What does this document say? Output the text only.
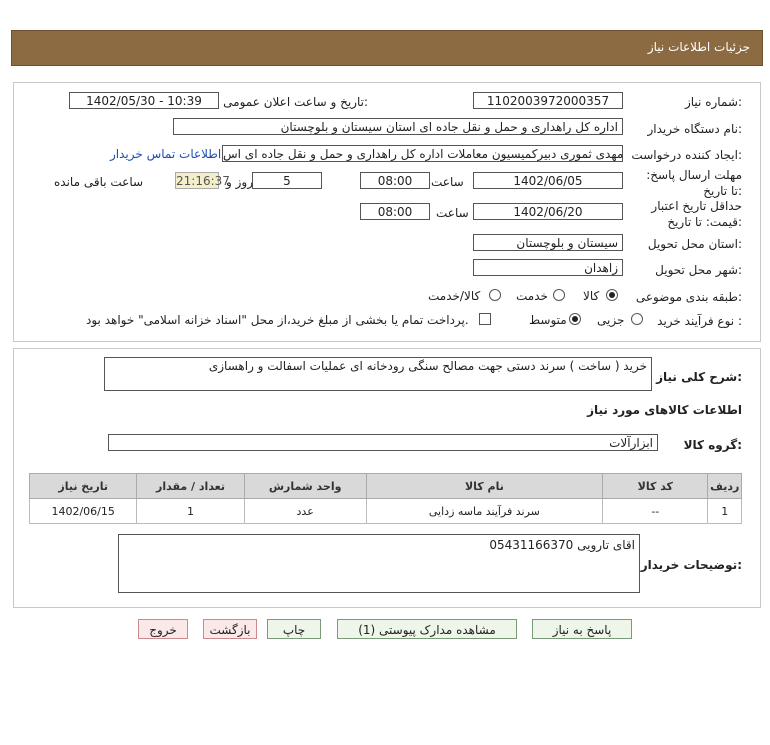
جزئیات اطلاعات نیاز
شماره نیاز:
1102003972000357
تاریخ و ساعت اعلان عمومی:
1402/05/30 - 10:39
نام دستگاه خریدار:
اداره کل راهداری و حمل و نقل جاده ای استان سیستان و بلوچستان
ایجاد کننده درخواست:
مهدی ثموری دبیرکمیسیون معاملات اداره کل راهداری و حمل و نقل جاده ای اس
اطلاعات تماس خریدار
مهلت ارسال پاسخ: تا تاریخ:
1402/06/05
ساعت
08:00
5
روز و
21:16:37
ساعت باقی مانده
حداقل تاریخ اعتبار قیمت: تا تاریخ:
1402/06/20
ساعت
08:00
استان محل تحویل:
سیستان و بلوچستان
شهر محل تحویل:
زاهدان
طبقه بندی موضوعی:
کالا
خدمت
کالا/خدمت
نوع فرآیند خرید :
جزیی
متوسط
پرداخت تمام یا بخشی از مبلغ خرید،از محل "اسناد خزانه اسلامی" خواهد بود.
شرح کلی نیاز:
خرید ( ساخت ) سرند دستی جهت مصالح سنگی رودخانه ای عملیات اسفالت و راهسازی
اطلاعات کالاهای مورد نیاز
گروه کالا:
ابزارآلات
ردیف	کد کالا	نام کالا	واحد شمارش	تعداد / مقدار	تاریخ نیاز
1	--	سرند فرآیند ماسه زدایی	عدد	1	1402/06/15
توضیحات خریدار:
05431166370 اقای تارویی
پاسخ به نیاز
مشاهده مدارک پیوستی (1)
چاپ
بازگشت
خروج
